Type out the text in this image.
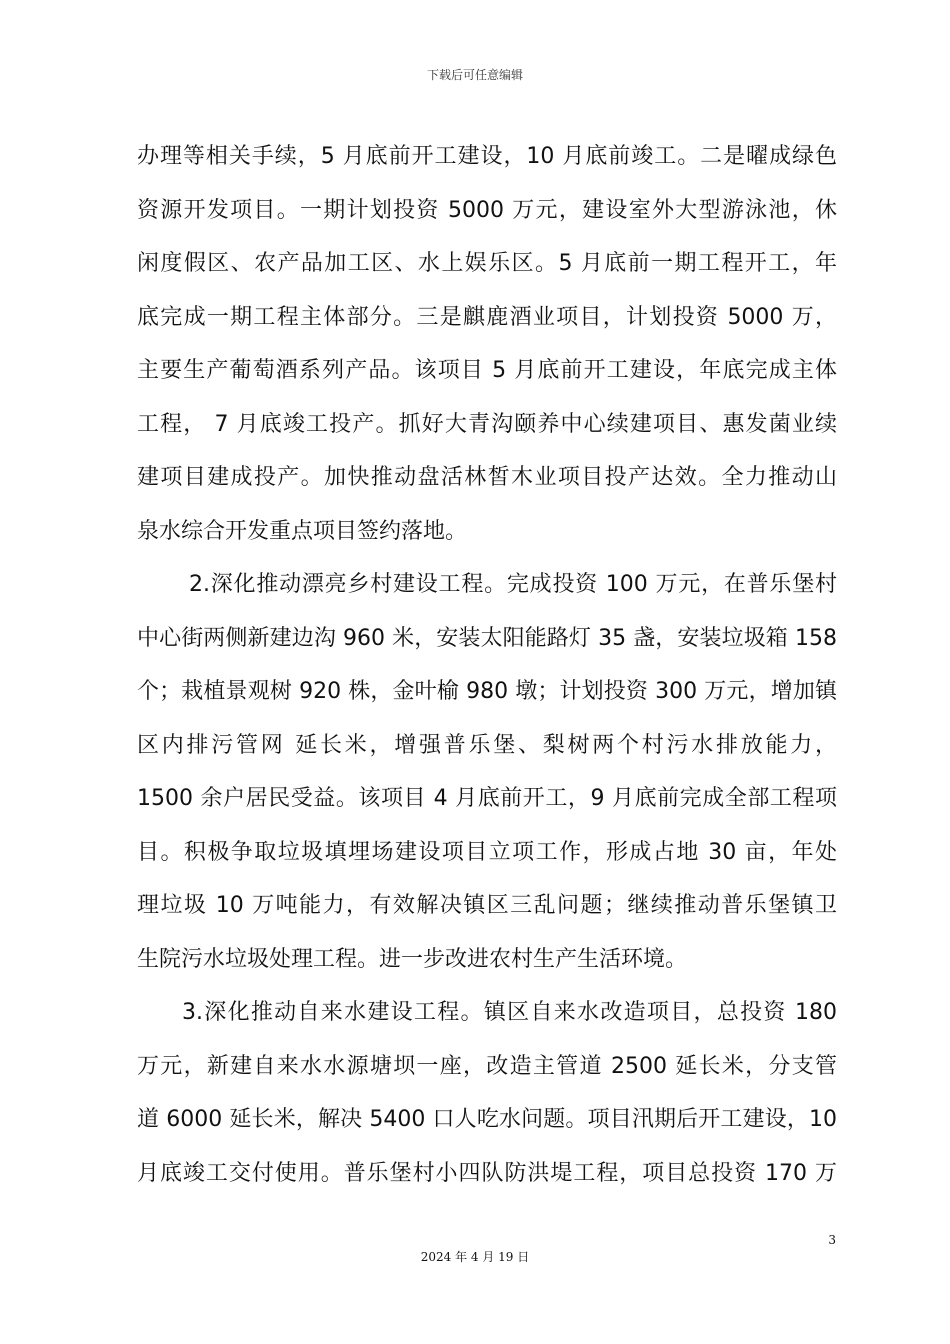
下载后可任意编辑
办理等相关手续，5 月底前开工建设，10 月底前竣工。二是曜成绿色
资源开发项目。一期计划投资 5000 万元，建设室外大型游泳池，休
闲度假区、农产品加工区、水上娱乐区。5 月底前一期工程开工，年
底完成一期工程主体部分。三是麒鹿酒业项目，计划投资 5000 万，
主要生产葡萄酒系列产品。该项目 5 月底前开工建设，年底完成主体
工程， 7 月底竣工投产。抓好大青沟颐养中心续建项目、惠发菌业续
建项目建成投产。加快推动盘活林皙木业项目投产达效。全力推动山
泉水综合开发重点项目签约落地。
2.深化推动漂亮乡村建设工程。完成投资 100 万元，在普乐堡村
中心街两侧新建边沟 960 米，安装太阳能路灯 35 盏，安装垃圾箱 158
个；栽植景观树 920 株，金叶榆 980 墩；计划投资 300 万元，增加镇
区内排污管网 延长米，增强普乐堡、梨树两个村污水排放能力，
1500 余户居民受益。该项目 4 月底前开工，9 月底前完成全部工程项
目。积极争取垃圾填埋场建设项目立项工作，形成占地 30 亩，年处
理垃圾 10 万吨能力，有效解决镇区三乱问题；继续推动普乐堡镇卫
生院污水垃圾处理工程。进一步改进农村生产生活环境。
3.深化推动自来水建设工程。镇区自来水改造项目，总投资 180
万元，新建自来水水源塘坝一座，改造主管道 2500 延长米，分支管
道 6000 延长米，解决 5400 口人吃水问题。项目汛期后开工建设，10
月底竣工交付使用。普乐堡村小四队防洪堤工程，项目总投资 170 万
3
2024 年 4 月 19 日
